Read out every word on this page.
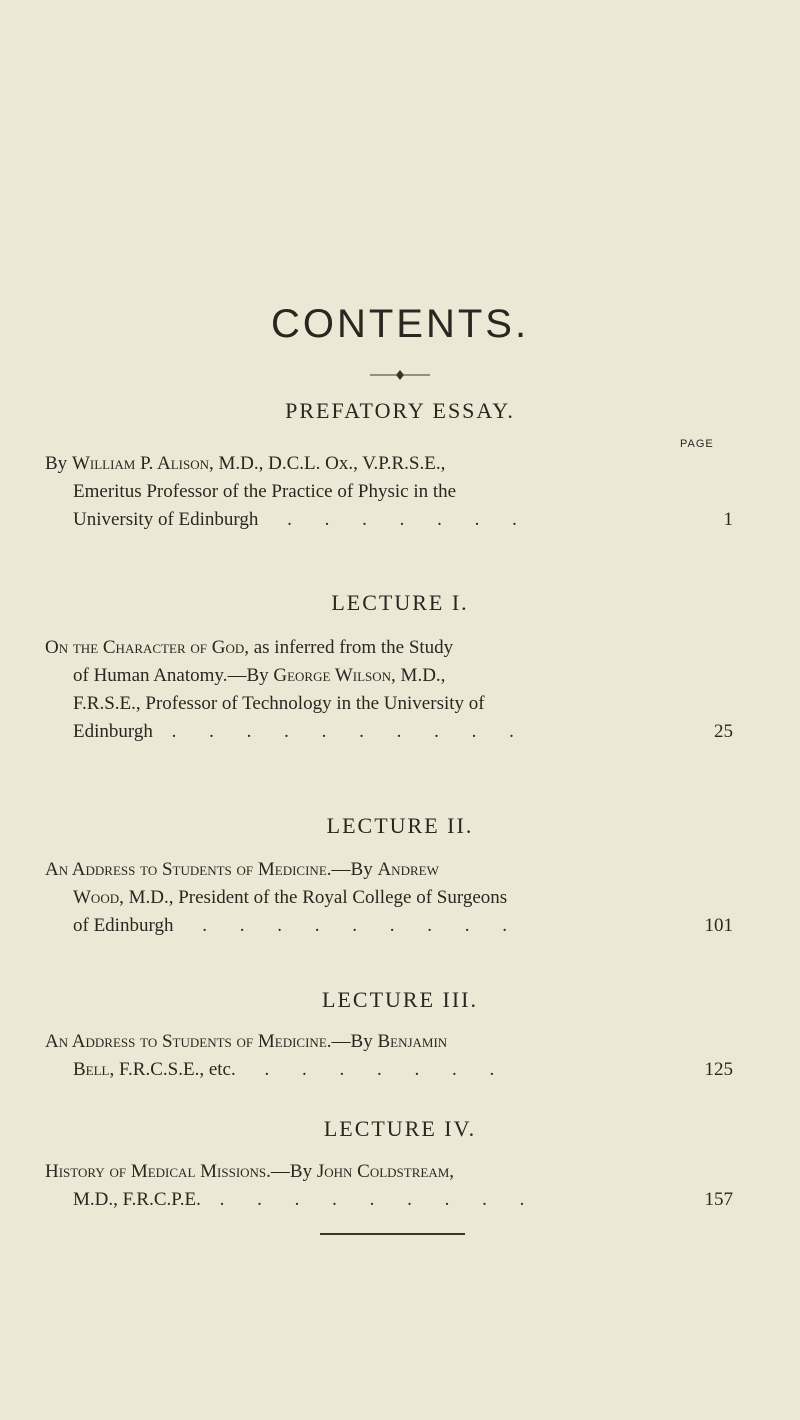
CONTENTS.
PREFATORY ESSAY.
PAGE
By William P. Alison, M.D., D.C.L. Ox., V.P.R.S.E.,
Emeritus Professor of the Practice of Physic in the
University of Edinburgh . . . . . . .	1
LECTURE I.
On the Character of God, as inferred from the Study
of Human Anatomy.—By George Wilson, M.D.,
F.R.S.E., Professor of Technology in the University of
Edinburgh . . . . . . . . . .	25
LECTURE II.
An Address to Students of Medicine.—By Andrew
Wood, M.D., President of the Royal College of Surgeons
of Edinburgh . . . . . . . . .	101
LECTURE III.
An Address to Students of Medicine.—By Benjamin
Bell, F.R.C.S.E., etc. . . . . . . .	125
LECTURE IV.
History of Medical Missions.—By John Coldstream,
M.D., F.R.C.P.E. . . . . . . . . .	157
